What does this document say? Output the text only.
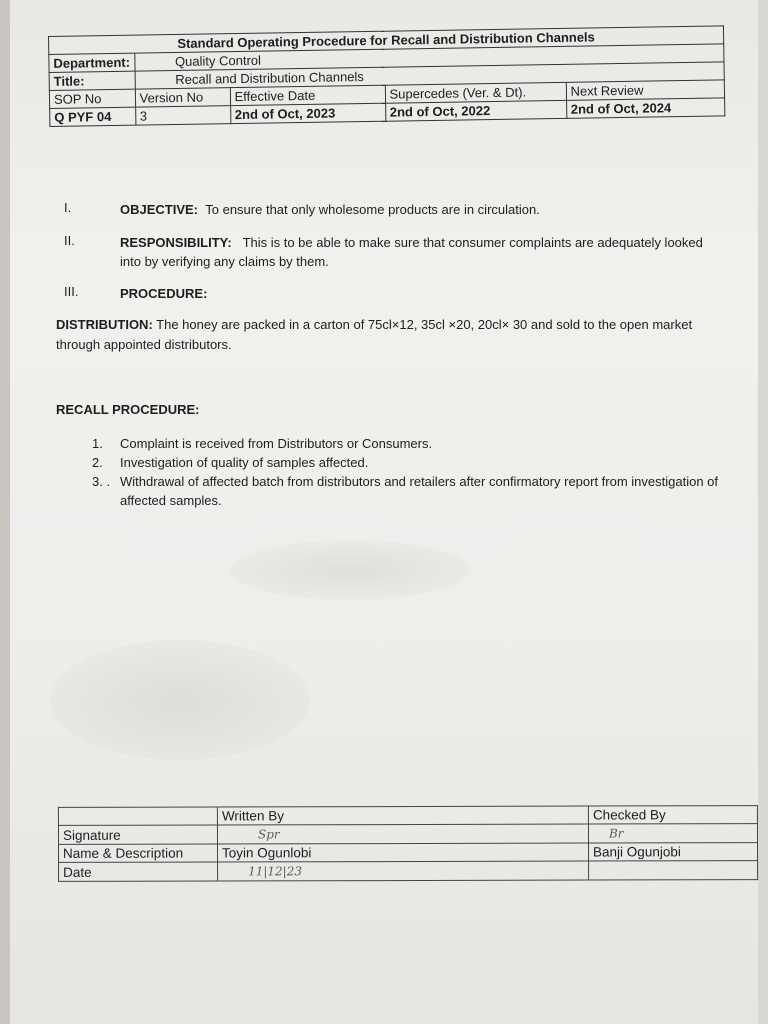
Standard Operating Procedure for Recall and Distribution Channels				
Department:	Quality Control			
Title:	Recall and Distribution Channels			
SOP No	Version No	Effective Date	Supercedes (Ver. & Dt).	Next Review
Q PYF 04	3	2nd of Oct, 2023	2nd of Oct, 2022	2nd of Oct, 2024
I.	OBJECTIVE: To ensure that only wholesome products are in circulation.
II.	RESPONSIBILITY: This is to be able to make sure that consumer complaints are adequately looked into by verifying any claims by them.
III.	PROCEDURE:
DISTRIBUTION: The honey are packed in a carton of 75cl×12, 35cl ×20, 20cl× 30 and sold to the open market through appointed distributors.
RECALL PROCEDURE:
1. Complaint is received from Distributors or Consumers.
2. Investigation of quality of samples affected.
3. . Withdrawal of affected batch from distributors and retailers after confirmatory report from investigation of affected samples.
	Written By	Checked By
Signature	Spr	Br
Name & Description	Toyin Ogunlobi	Banji Ogunjobi
Date	11|12|23	
